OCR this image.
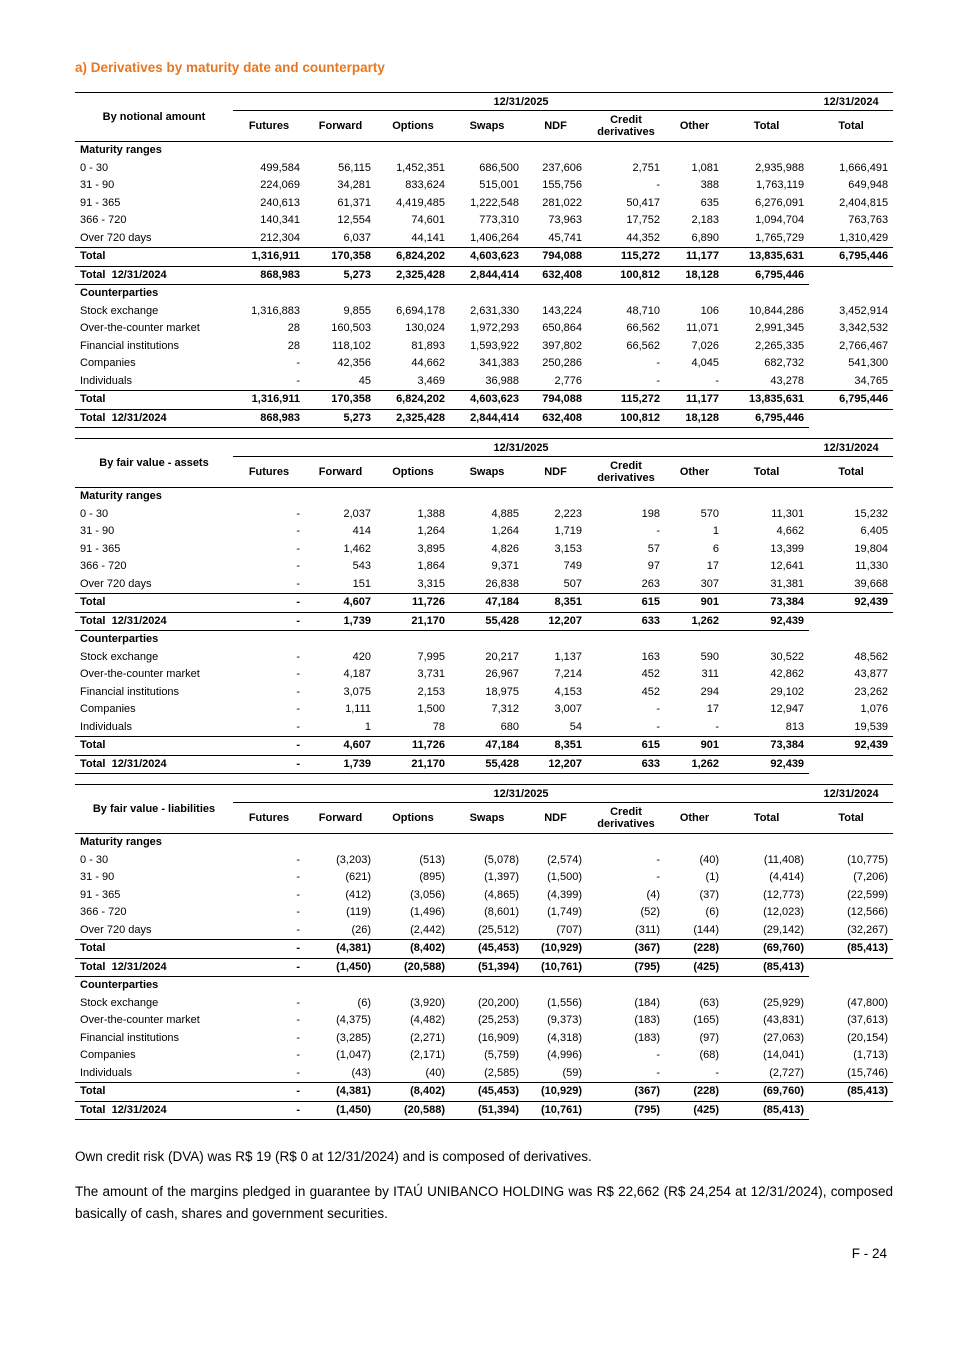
a) Derivatives by maturity date and counterparty
By notional amount	12/31/2025								12/31/2024
	Futures	Forward	Options	Swaps	NDF	Credit derivatives	Other	Total	Total
Maturity ranges									
0 - 30	499,584	56,115	1,452,351	686,500	237,606	2,751	1,081	2,935,988	1,666,491
31 - 90	224,069	34,281	833,624	515,001	155,756	-	388	1,763,119	649,948
91 - 365	240,613	61,371	4,419,485	1,222,548	281,022	50,417	635	6,276,091	2,404,815
366 - 720	140,341	12,554	74,601	773,310	73,963	17,752	2,183	1,094,704	763,763
Over 720 days	212,304	6,037	44,141	1,406,264	45,741	44,352	6,890	1,765,729	1,310,429
Total	1,316,911	170,358	6,824,202	4,603,623	794,088	115,272	11,177	13,835,631	6,795,446
Total  12/31/2024	868,983	5,273	2,325,428	2,844,414	632,408	100,812	18,128	6,795,446	
Counterparties									
Stock exchange	1,316,883	9,855	6,694,178	2,631,330	143,224	48,710	106	10,844,286	3,452,914
Over-the-counter market	28	160,503	130,024	1,972,293	650,864	66,562	11,071	2,991,345	3,342,532
Financial institutions	28	118,102	81,893	1,593,922	397,802	66,562	7,026	2,265,335	2,766,467
Companies	-	42,356	44,662	341,383	250,286	-	4,045	682,732	541,300
Individuals	-	45	3,469	36,988	2,776	-	-	43,278	34,765
Total	1,316,911	170,358	6,824,202	4,603,623	794,088	115,272	11,177	13,835,631	6,795,446
Total  12/31/2024	868,983	5,273	2,325,428	2,844,414	632,408	100,812	18,128	6,795,446	
By fair value - assets	12/31/2025								12/31/2024
	Futures	Forward	Options	Swaps	NDF	Credit derivatives	Other	Total	Total
Maturity ranges									
0 - 30	-	2,037	1,388	4,885	2,223	198	570	11,301	15,232
31 - 90	-	414	1,264	1,264	1,719	-	1	4,662	6,405
91 - 365	-	1,462	3,895	4,826	3,153	57	6	13,399	19,804
366 - 720	-	543	1,864	9,371	749	97	17	12,641	11,330
Over 720 days	-	151	3,315	26,838	507	263	307	31,381	39,668
Total	-	4,607	11,726	47,184	8,351	615	901	73,384	92,439
Total  12/31/2024	-	1,739	21,170	55,428	12,207	633	1,262	92,439	
Counterparties									
Stock exchange	-	420	7,995	20,217	1,137	163	590	30,522	48,562
Over-the-counter market	-	4,187	3,731	26,967	7,214	452	311	42,862	43,877
Financial institutions	-	3,075	2,153	18,975	4,153	452	294	29,102	23,262
Companies	-	1,111	1,500	7,312	3,007	-	17	12,947	1,076
Individuals	-	1	78	680	54	-	-	813	19,539
Total	-	4,607	11,726	47,184	8,351	615	901	73,384	92,439
Total  12/31/2024	-	1,739	21,170	55,428	12,207	633	1,262	92,439	
By fair value - liabilities	12/31/2025								12/31/2024
	Futures	Forward	Options	Swaps	NDF	Credit derivatives	Other	Total	Total
Maturity ranges									
0 - 30	-	(3,203)	(513)	(5,078)	(2,574)	-	(40)	(11,408)	(10,775)
31 - 90	-	(621)	(895)	(1,397)	(1,500)	-	(1)	(4,414)	(7,206)
91 - 365	-	(412)	(3,056)	(4,865)	(4,399)	(4)	(37)	(12,773)	(22,599)
366 - 720	-	(119)	(1,496)	(8,601)	(1,749)	(52)	(6)	(12,023)	(12,566)
Over 720 days	-	(26)	(2,442)	(25,512)	(707)	(311)	(144)	(29,142)	(32,267)
Total	-	(4,381)	(8,402)	(45,453)	(10,929)	(367)	(228)	(69,760)	(85,413)
Total  12/31/2024	-	(1,450)	(20,588)	(51,394)	(10,761)	(795)	(425)	(85,413)	
Counterparties									
Stock exchange	-	(6)	(3,920)	(20,200)	(1,556)	(184)	(63)	(25,929)	(47,800)
Over-the-counter market	-	(4,375)	(4,482)	(25,253)	(9,373)	(183)	(165)	(43,831)	(37,613)
Financial institutions	-	(3,285)	(2,271)	(16,909)	(4,318)	(183)	(97)	(27,063)	(20,154)
Companies	-	(1,047)	(2,171)	(5,759)	(4,996)	-	(68)	(14,041)	(1,713)
Individuals	-	(43)	(40)	(2,585)	(59)	-	-	(2,727)	(15,746)
Total	-	(4,381)	(8,402)	(45,453)	(10,929)	(367)	(228)	(69,760)	(85,413)
Total  12/31/2024	-	(1,450)	(20,588)	(51,394)	(10,761)	(795)	(425)	(85,413)	

Own credit risk (DVA) was R$ 19 (R$ 0 at 12/31/2024) and is composed of derivatives.

The amount of the margins pledged in guarantee by ITAÚ UNIBANCO HOLDING was R$ 22,662 (R$ 24,254 at 12/31/2024), composed basically of cash, shares and government securities.

F - 24
